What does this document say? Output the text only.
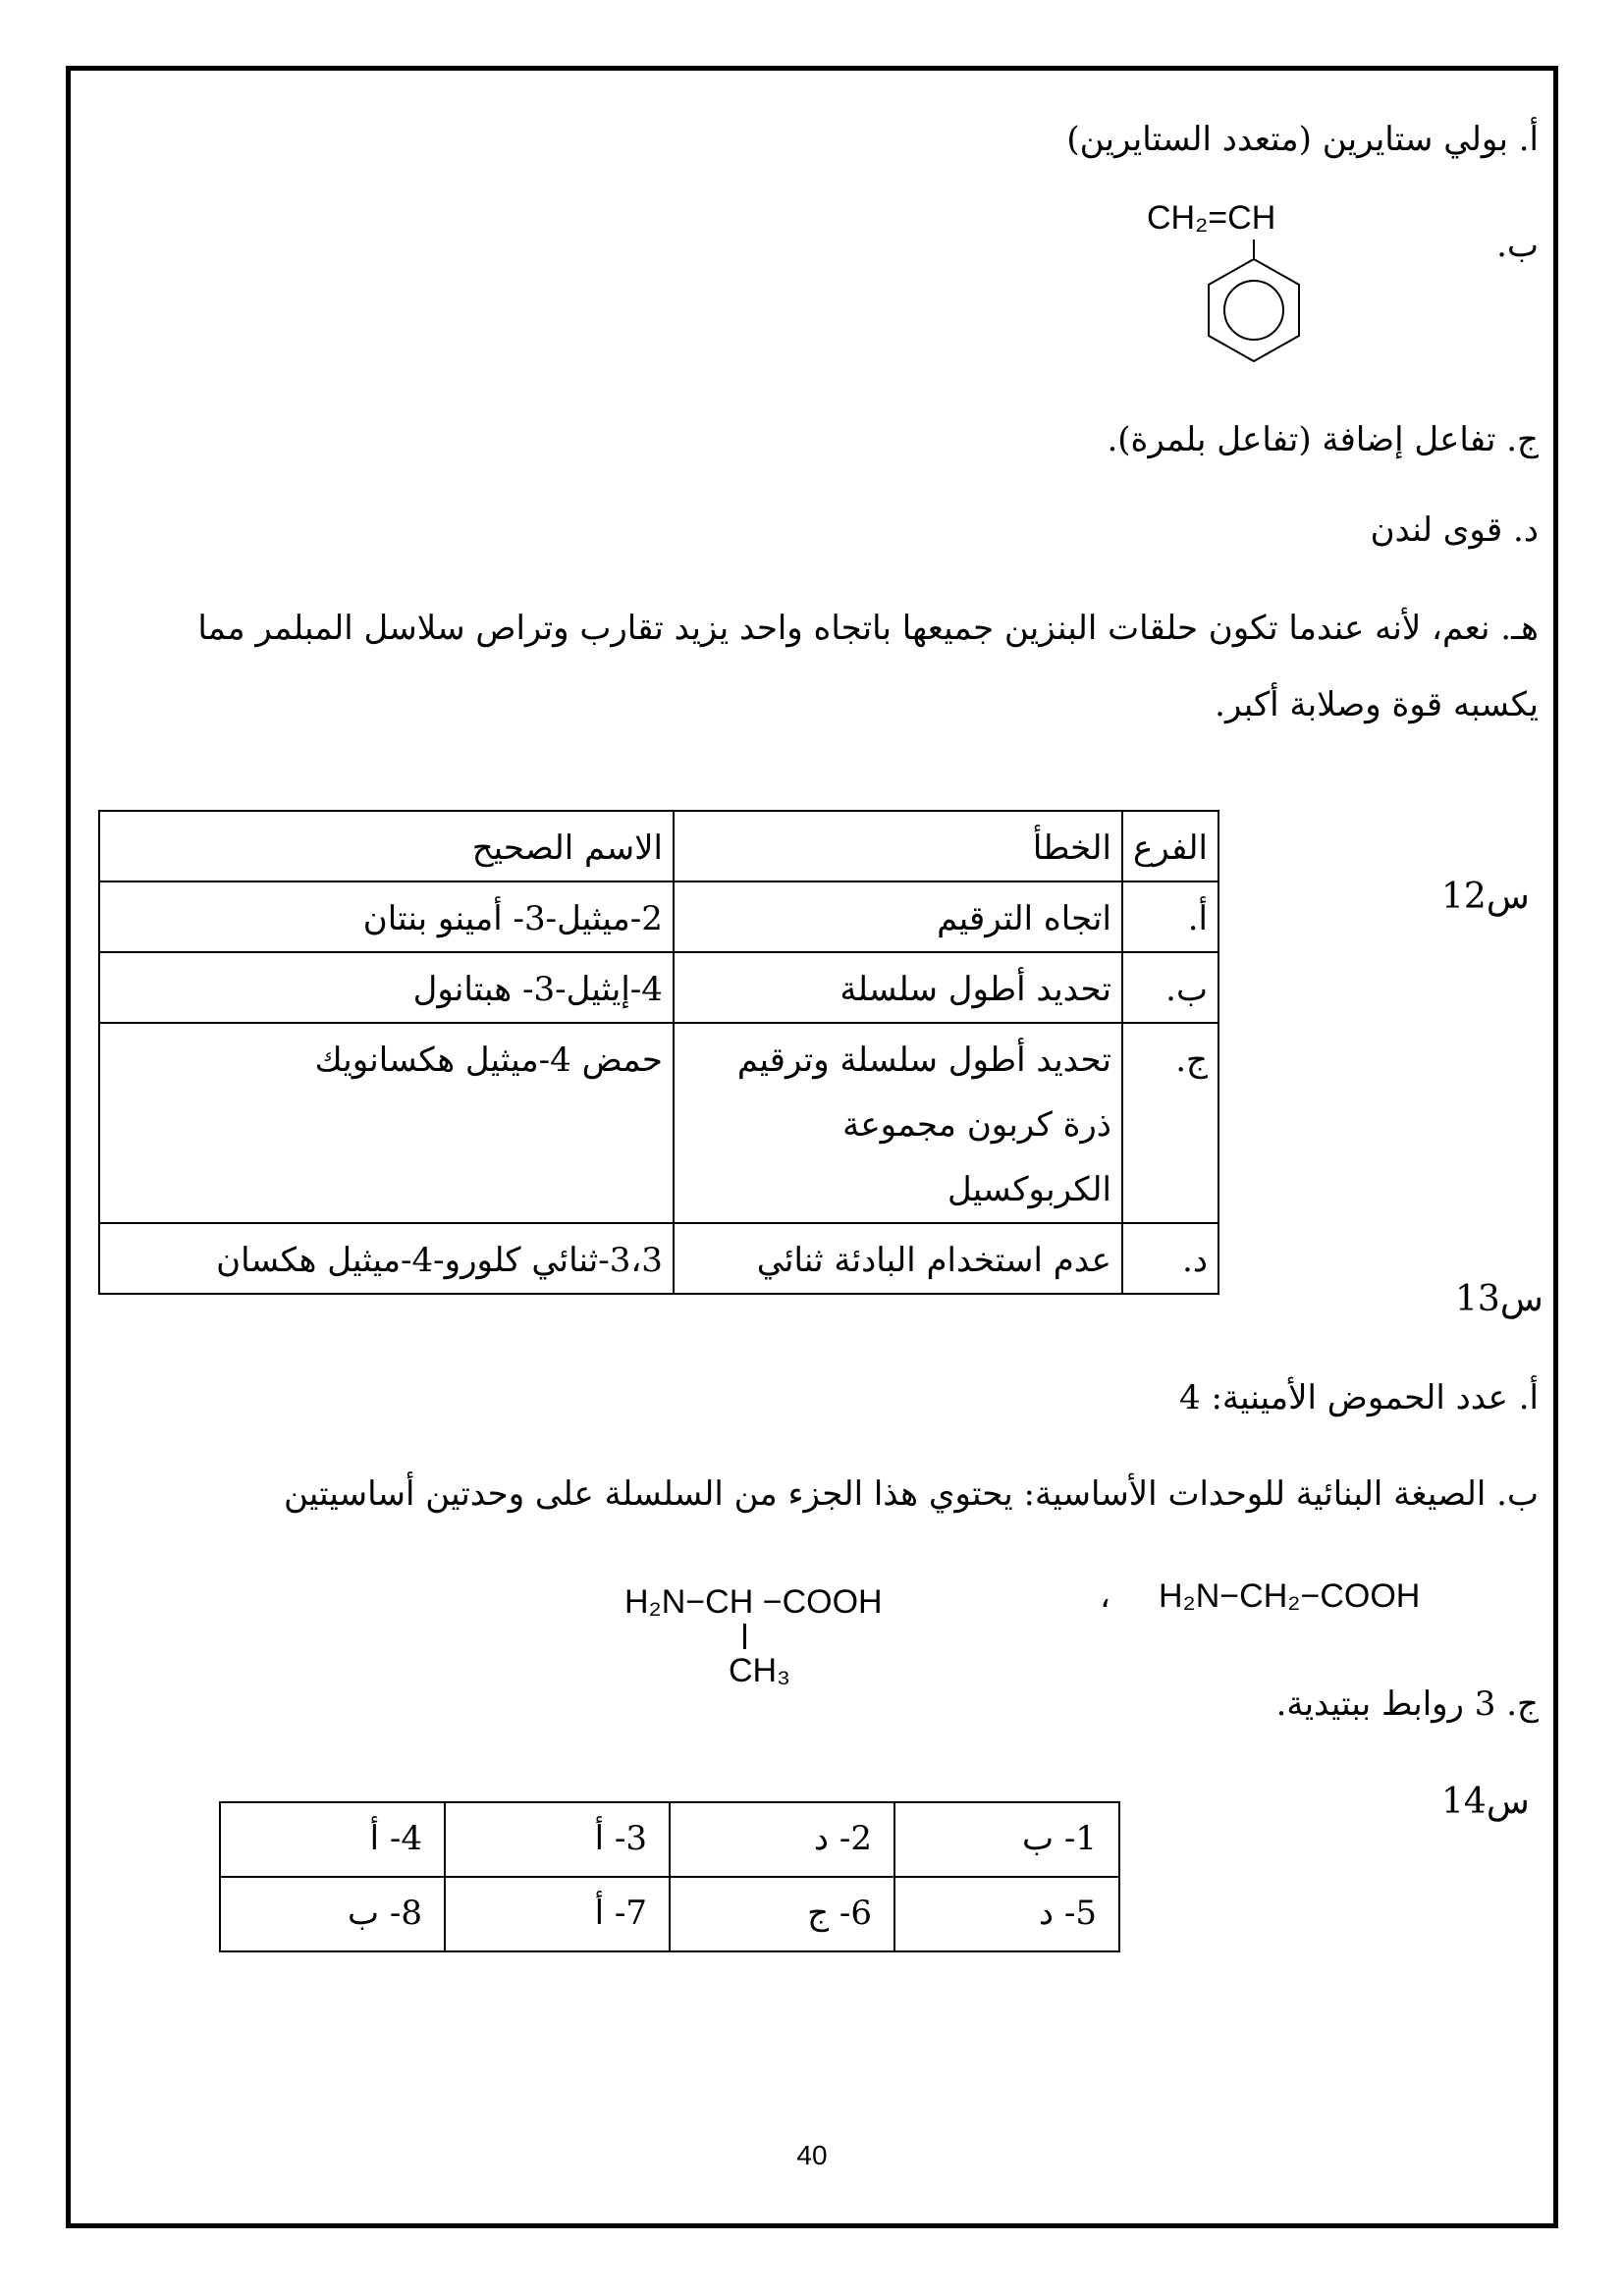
أ. بولي ستايرين (متعدد الستايرين)
ب.
CH₂=CH
ج. تفاعل إضافة (تفاعل بلمرة).
د. قوى لندن
هـ. نعم، لأنه عندما تكون حلقات البنزين جميعها باتجاه واحد يزيد تقارب وتراص سلاسل المبلمر مما
يكسبه قوة وصلابة أكبر.
س12
الفرع	الخطأ	الاسم الصحيح
أ.	اتجاه الترقيم	2-ميثيل-3- أمينو بنتان
ب.	تحديد أطول سلسلة	4-إيثيل-3- هبتانول
ج.	تحديد أطول سلسلة وترقيم ذرة كربون مجموعة الكربوكسيل	حمض 4-ميثيل هكسانويك
د.	عدم استخدام البادئة ثنائي	3،3-ثنائي كلورو-4-ميثيل هكسان
س13
أ. عدد الحموض الأمينية: 4
ب. الصيغة البنائية للوحدات الأساسية: يحتوي هذا الجزء من السلسلة على وحدتين أساسيتين
H₂N−CH₂−COOH
،
H₂N−CH −COOH
CH₃
ج. 3 روابط ببتيدية.
س14
1- ب	2- د	3- أ	4- أ
5- د	6- ج	7- أ	8- ب
40
